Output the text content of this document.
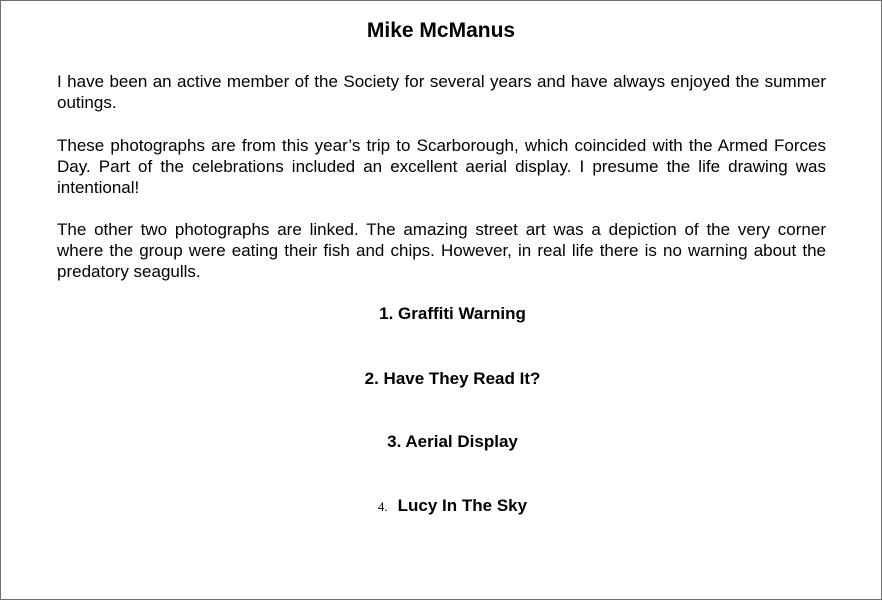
Mike McManus

I have been an active member of the Society for several years and have always enjoyed the summer outings.

These photographs are from this year’s trip to Scarborough, which coincided with the Armed Forces Day. Part of the celebrations included an excellent aerial display. I presume the life drawing was intentional!

The other two photographs are linked. The amazing street art was a depiction of the very corner where the group were eating their fish and chips. However, in real life there is no warning about the predatory seagulls.

1. Graffiti Warning
2. Have They Read It?
3. Aerial Display
4. Lucy In The Sky
